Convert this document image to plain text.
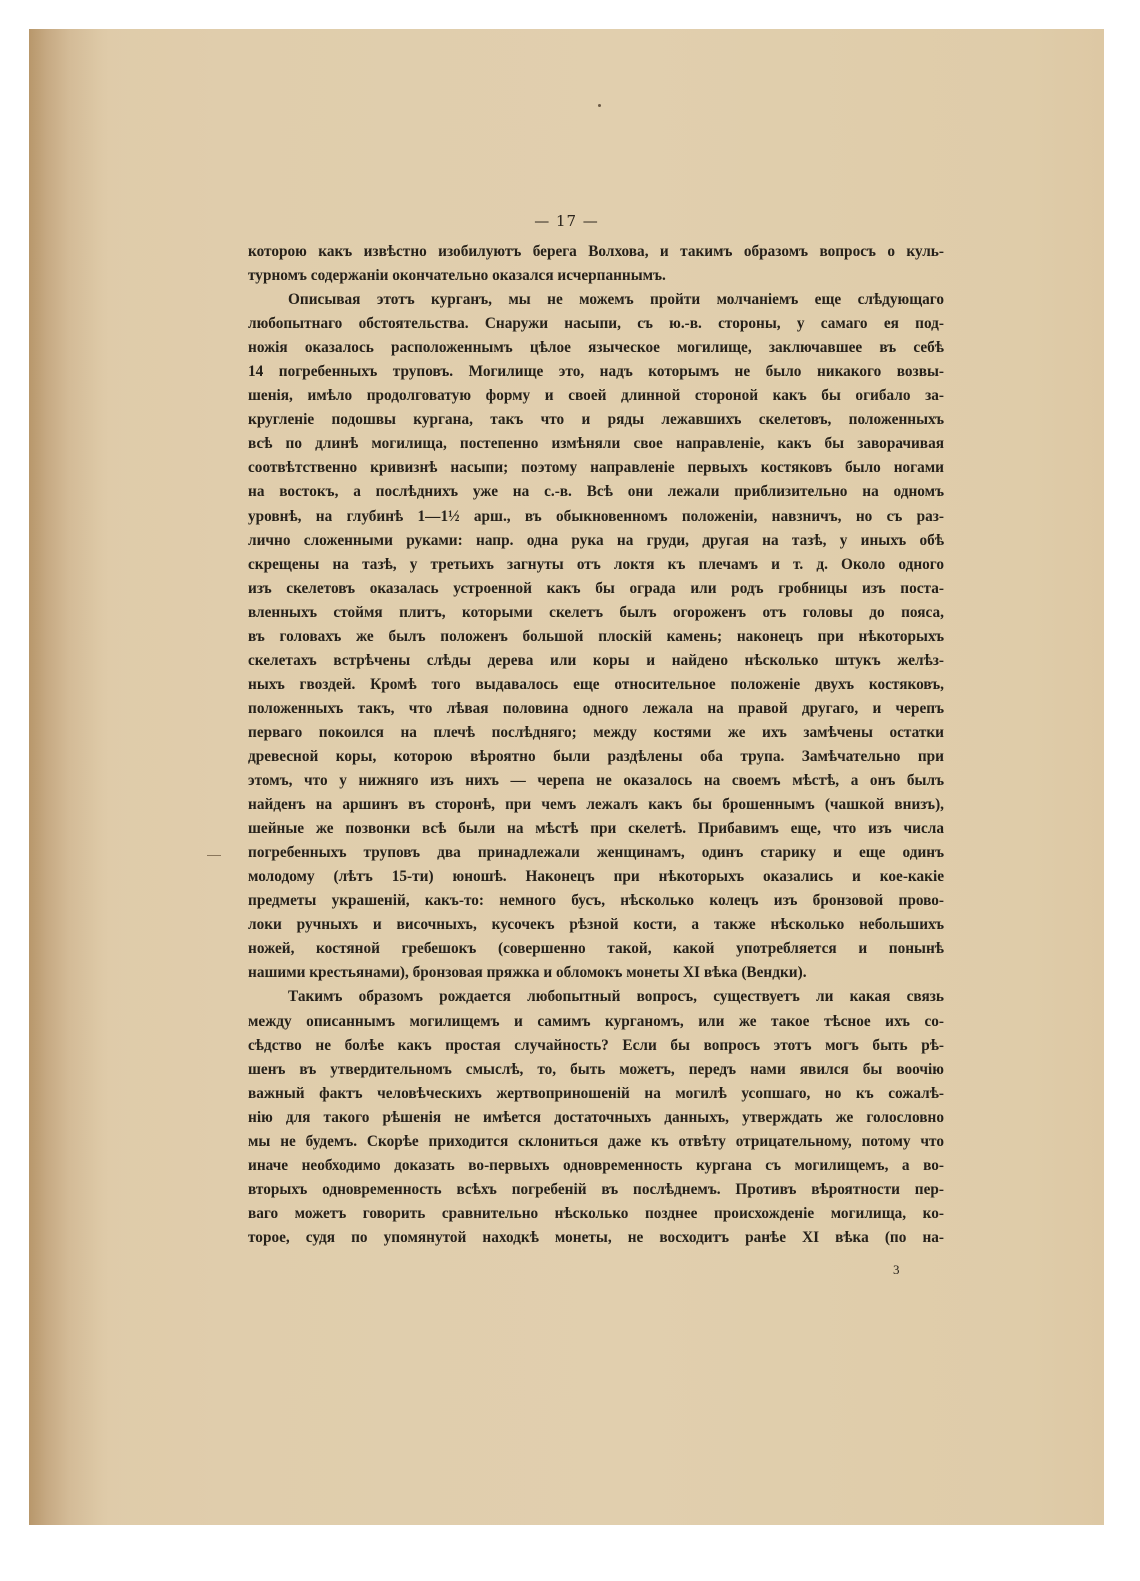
— 17 —

которою какъ извѣстно изобилуютъ берега Волхова, и такимъ образомъ вопросъ о куль-

турномъ содержаніи окончательно оказался исчерпаннымъ.

Описывая этотъ курганъ, мы не можемъ пройти молчаніемъ еще слѣдующаго

любопытнаго обстоятельства. Снаружи насыпи, съ ю.-в. стороны, у самаго ея под-

ножія оказалось расположеннымъ цѣлое языческое могилище, заключавшее въ себѣ

14 погребенныхъ труповъ. Могилище это, надъ которымъ не было никакого возвы-

шенія, имѣло продолговатую форму и своей длинной стороной какъ бы огибало за-

кругленіе подошвы кургана, такъ что и ряды лежавшихъ скелетовъ, положенныхъ

всѣ по длинѣ могилища, постепенно измѣняли свое направленіе, какъ бы заворачивая

соотвѣтственно кривизнѣ насыпи; поэтому направленіе первыхъ костяковъ было ногами

на востокъ, а послѣднихъ уже на с.-в. Всѣ они лежали приблизительно на одномъ

уровнѣ, на глубинѣ 1—1½ арш., въ обыкновенномъ положеніи, навзничъ, но съ раз-

лично сложенными руками: напр. одна рука на груди, другая на тазѣ, у иныхъ обѣ

скрещены на тазѣ, у третьихъ загнуты отъ локтя къ плечамъ и т. д. Около одного

изъ скелетовъ оказалась устроенной какъ бы ограда или родъ гробницы изъ поста-

вленныхъ стоймя плитъ, которыми скелетъ былъ огороженъ отъ головы до пояса,

въ головахъ же былъ положенъ большой плоскій камень; наконецъ при нѣкоторыхъ

скелетахъ встрѣчены слѣды дерева или коры и найдено нѣсколько штукъ желѣз-

ныхъ гвоздей. Кромѣ того выдавалось еще относительное положеніе двухъ костяковъ,

положенныхъ такъ, что лѣвая половина одного лежала на правой другаго, и черепъ

перваго покоился на плечѣ послѣдняго; между костями же ихъ замѣчены остатки

древесной коры, которою вѣроятно были раздѣлены оба трупа. Замѣчательно при

этомъ, что у нижняго изъ нихъ — черепа не оказалось на своемъ мѣстѣ, а онъ былъ

найденъ на аршинъ въ сторонѣ, при чемъ лежалъ какъ бы брошеннымъ (чашкой внизъ),

шейные же позвонки всѣ были на мѣстѣ при скелетѣ. Прибавимъ еще, что изъ числа

погребенныхъ труповъ два принадлежали женщинамъ, одинъ старику и еще одинъ

молодому (лѣтъ 15-ти) юношѣ. Наконецъ при нѣкоторыхъ оказались и кое-какіе

предметы украшеній, какъ-то: немного бусъ, нѣсколько колецъ изъ бронзовой прово-

локи ручныхъ и височныхъ, кусочекъ рѣзной кости, а также нѣсколько небольшихъ

ножей, костяной гребешокъ (совершенно такой, какой употребляется и понынѣ

нашими крестьянами), бронзовая пряжка и обломокъ монеты XI вѣка (Вендки).

Такимъ образомъ рождается любопытный вопросъ, существуетъ ли какая связь

между описаннымъ могилищемъ и самимъ курганомъ, или же такое тѣсное ихъ со-

сѣдство не болѣе какъ простая случайность? Если бы вопросъ этотъ могъ быть рѣ-

шенъ въ утвердительномъ смыслѣ, то, быть можетъ, передъ нами явился бы воочію

важный фактъ человѣческихъ жертвоприношеній на могилѣ усопшаго, но къ сожалѣ-

нію для такого рѣшенія не имѣется достаточныхъ данныхъ, утверждать же голословно

мы не будемъ. Скорѣе приходится склониться даже къ отвѣту отрицательному, потому что

иначе необходимо доказать во-первыхъ одновременность кургана съ могилищемъ, а во-

вторыхъ одновременность всѣхъ погребеній въ послѣднемъ. Противъ вѣроятности пер-

ваго можетъ говорить сравнительно нѣсколько позднее происхожденіе могилища, ко-

торое, судя по упомянутой находкѣ монеты, не восходитъ ранѣе XI вѣка (по на-

3
